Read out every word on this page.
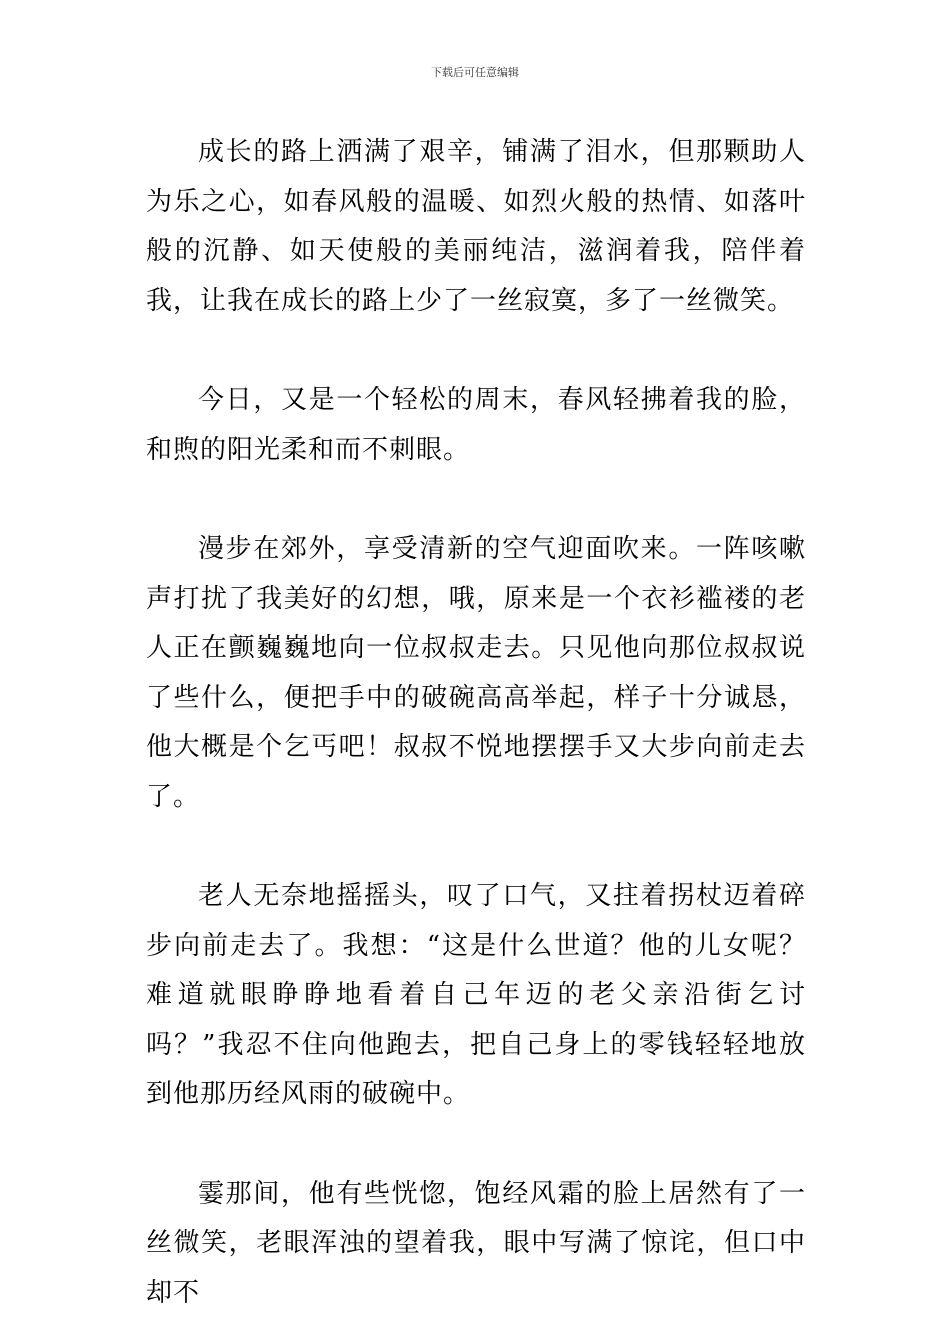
下载后可任意编辑

成长的路上洒满了艰辛，铺满了泪水，但那颗助人为乐之心，如春风般的温暖、如烈火般的热情、如落叶般的沉静、如天使般的美丽纯洁，滋润着我，陪伴着我，让我在成长的路上少了一丝寂寞，多了一丝微笑。

今日，又是一个轻松的周末，春风轻拂着我的脸，和煦的阳光柔和而不刺眼。

漫步在郊外，享受清新的空气迎面吹来。一阵咳嗽声打扰了我美好的幻想，哦，原来是一个衣衫褴褛的老人正在颤巍巍地向一位叔叔走去。只见他向那位叔叔说了些什么，便把手中的破碗高高举起，样子十分诚恳，他大概是个乞丐吧！叔叔不悦地摆摆手又大步向前走去了。

老人无奈地摇摇头，叹了口气，又拄着拐杖迈着碎步向前走去了。我想：“这是什么世道？他的儿女呢？难道就眼睁睁地看着自己年迈的老父亲沿街乞讨吗？”我忍不住向他跑去，把自己身上的零钱轻轻地放到他那历经风雨的破碗中。

霎那间，他有些恍惚，饱经风霜的脸上居然有了一丝微笑，老眼浑浊的望着我，眼中写满了惊诧，但口中却不
